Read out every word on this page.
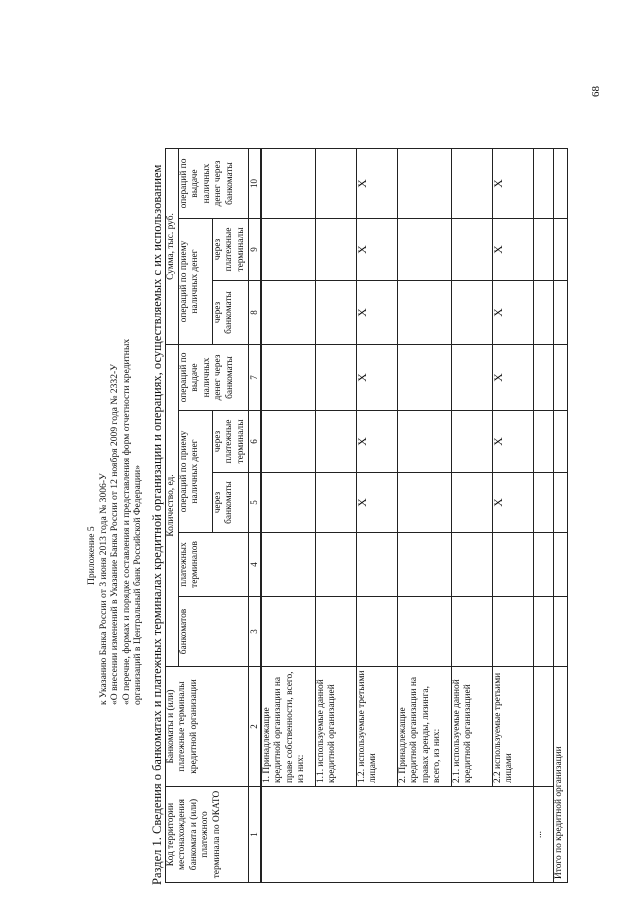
Приложение 5 к Указанию Банка России от 3 июня 2013 года № 3006-У «О внесении изменений в Указание Банка России от 12 ноября 2009 года № 2332-У «О перечне, формах и порядке составления и представления форм отчетности кредитных организаций в Центральный банк Российской Федерации» Раздел 1. Сведения о банкоматах и платежных терминалах кредитной организации и операциях, осуществляемых с их использованием Код территории местонахождения банкомата и (или) платежного терминала по ОКАТО	Банкоматы и (или) платежные терминалы кредитной организации	Количество, ед.					Сумма, тыс. руб.		
		банкоматов	платежных терминалов	операций по приему наличных денег		операций по выдаче наличных денег через банкоматы	операций по приему наличных денег		операций по выдаче наличных денег через банкоматы
				через банкоматы	через платежные терминалы		через банкоматы	через платежные терминалы	
1	2	3	4	5	6	7	8	9	10
	1. Принадлежащие кредитной организации на праве собственности, всего, из них:								
	1.1. используемые данной кредитной организацией								
	1.2. используемые третьими лицами			X	X	X	X	X	X
	2. Принадлежащие кредитной организации на правах аренды, лизинга, всего, из них:								
	2.1. используемые данной кредитной организацией								
	2.2 используемые третьими лицами			X	X	X	X	X	X
...									
Итого по кредитной организации									
68
